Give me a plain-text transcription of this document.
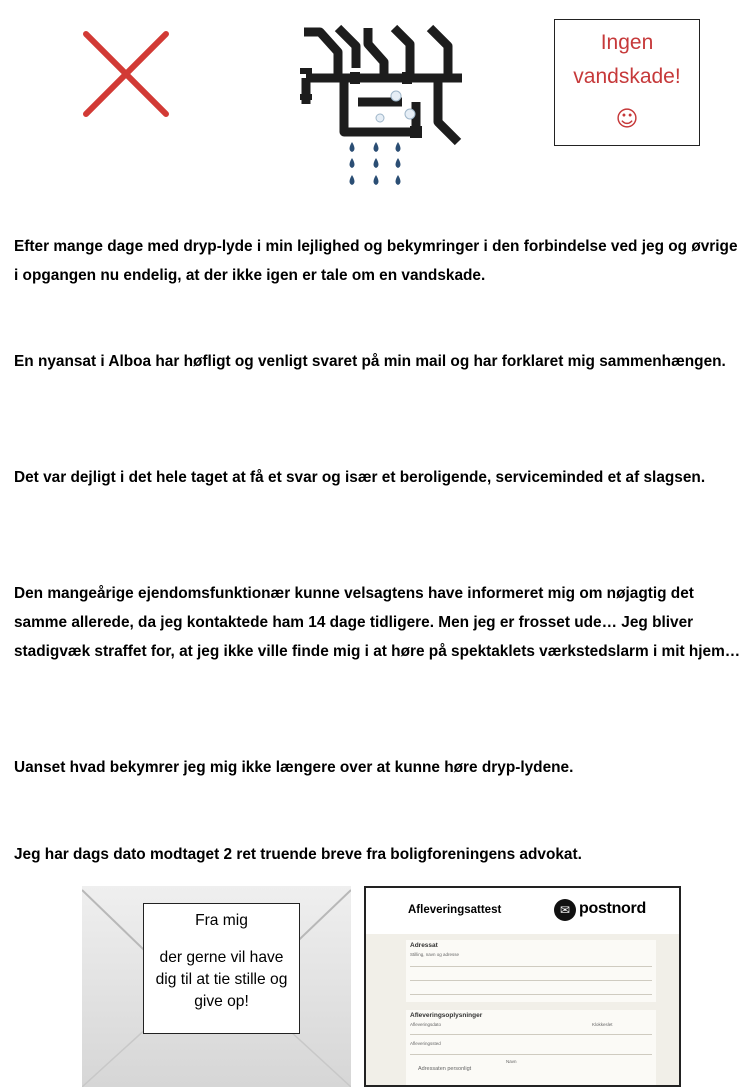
Ingen
vandskade!
☺
Efter mange dage med dryp-lyde i min lejlighed og bekymringer i den forbindelse ved jeg og øvrige i opgangen nu endelig, at der ikke igen er tale om en vandskade.
En nyansat i Alboa har høfligt og venligt svaret på min mail og har forklaret mig sammenhængen.
Det var dejligt i det hele taget at få et svar og især et beroligende, serviceminded et af slagsen.
Den mangeårige ejendomsfunktionær kunne velsagtens have informeret mig om nøjagtig det samme allerede, da jeg kontaktede ham 14 dage tidligere. Men jeg er frosset ude… Jeg bliver stadigvæk straffet for, at jeg ikke ville finde mig i at høre på spektaklets værkstedslarm i mit hjem…
Uanset hvad bekymrer jeg mig ikke længere over at kunne høre dryp-lydene.
Jeg har dags dato modtaget 2 ret truende breve fra boligforeningens advokat.
Fra mig
der gerne vil have dig til at tie stille og give op!
Afleveringsattest	✉ postnord
Adressat
Stilling, navn og adresse
Afleveringsoplysninger
Afleveringsdato	Klokkeslet
Afleveringssted
Navn
Adressaten personligt
